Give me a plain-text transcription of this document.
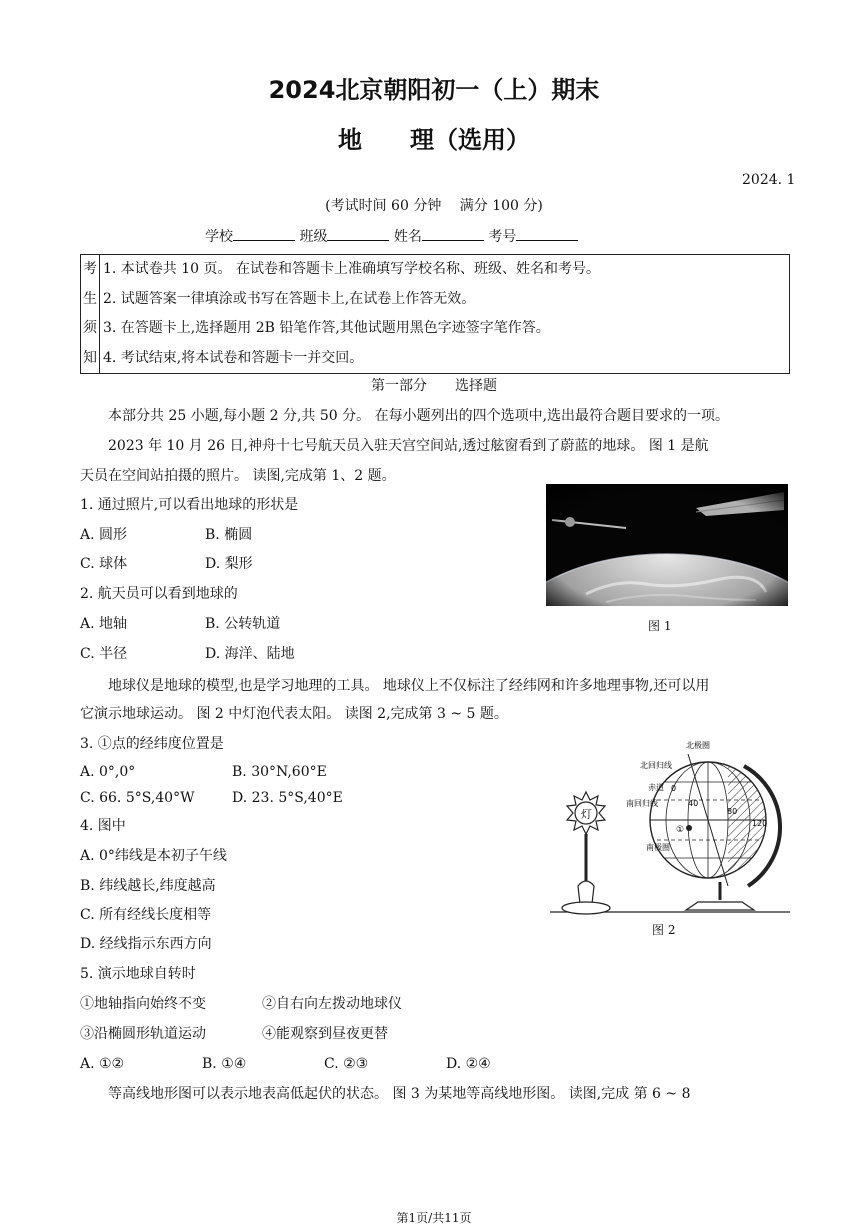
2024北京朝阳初一（上）期末
地　　理（选用）
2024. 1
(考试时间 60 分钟　 满分 100 分)
学校	班级	姓名	考号
考
生
须
知
1. 本试卷共 10 页。 在试卷和答题卡上准确填写学校名称、班级、姓名和考号。
2. 试题答案一律填涂或书写在答题卡上,在试卷上作答无效。
3. 在答题卡上,选择题用 2B 铅笔作答,其他试题用黑色字迹签字笔作答。
4. 考试结束,将本试卷和答题卡一并交回。
第一部分　　选择题
本部分共 25 小题,每小题 2 分,共 50 分。 在每小题列出的四个选项中,选出最符合题目要求的一项。
2023 年 10 月 26 日,神舟十七号航天员入驻天宫空间站,透过舷窗看到了蔚蓝的地球。 图 1 是航
天员在空间站拍摄的照片。 读图,完成第 1、2 题。
1. 通过照片,可以看出地球的形状是
A. 圆形	B. 椭圆
C. 球体	D. 梨形
2. 航天员可以看到地球的
A. 地轴	B. 公转轨道
C. 半径	D. 海洋、陆地
图 1
地球仪是地球的模型,也是学习地理的工具。 地球仪上不仅标注了经纬网和许多地理事物,还可以用
它演示地球运动。 图 2 中灯泡代表太阳。 读图 2,完成第 3 ~ 5 题。
3. ①点的经纬度位置是
A. 0°,0°	B. 30°N,60°E
C. 66. 5°S,40°W	D. 23. 5°S,40°E
4. 图中
A. 0°纬线是本初子午线
B. 纬线越长,纬度越高
C. 所有经线长度相等
D. 经线指示东西方向
5. 演示地球自转时
①地轴指向始终不变	②自右向左拨动地球仪
③沿椭圆形轨道运动	④能观察到昼夜更替
A. ①②	B. ①④	C. ②③	D. ②④
灯
北极圈
北回归线
赤道 0
40
南回归线
80
120
①
南极圈
图 2
等高线地形图可以表示地表高低起伏的状态。 图 3 为某地等高线地形图。 读图,完成 第 6 ~ 8
第1页/共11页
